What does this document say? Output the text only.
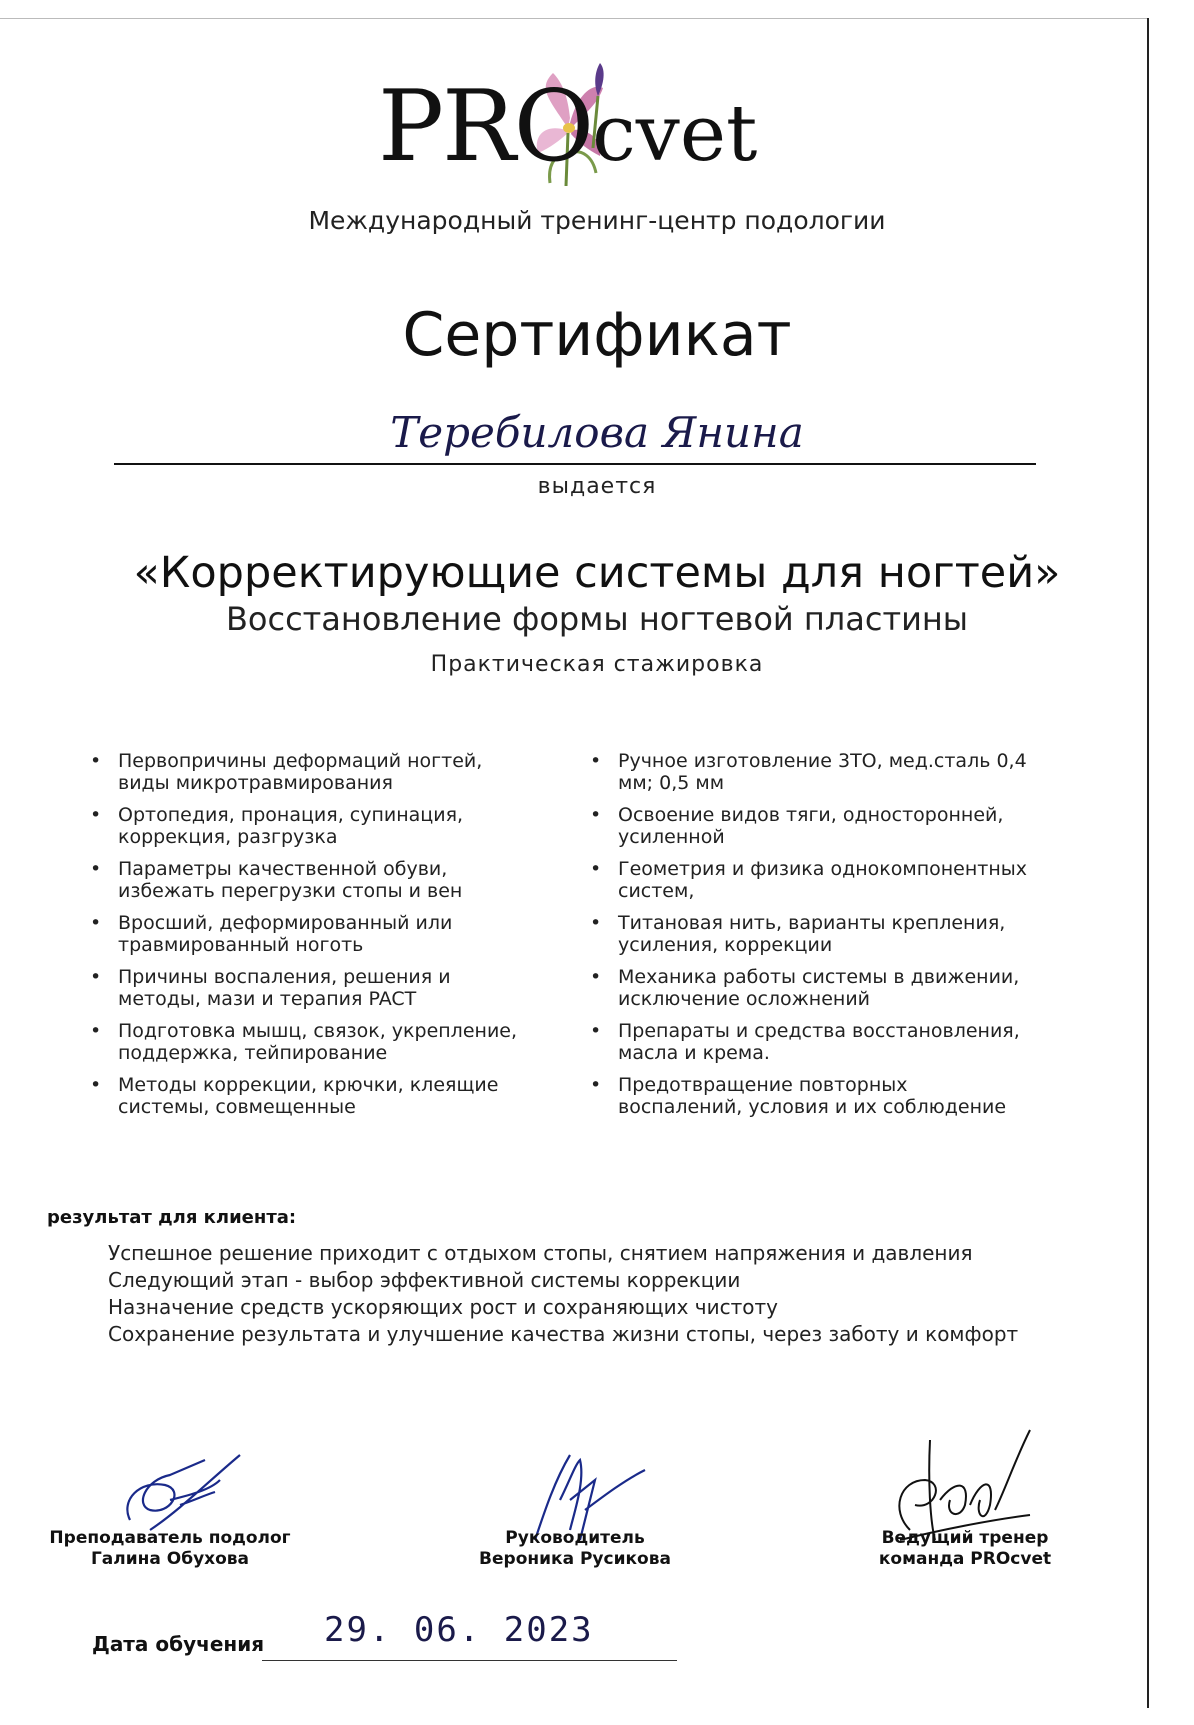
PROcvet
Международный тренинг-центр подологии
Сертификат
Теребилова Янина
выдается
«Корректирующие системы для ногтей»
Восстановление формы ногтевой пластины
Практическая стажировка
• Первопричины деформаций ногтей,
виды микротравмирования
• Ортопедия, пронация, супинация,
коррекция, разгрузка
• Параметры качественной обуви,
избежать перегрузки стопы и вен
• Вросший, деформированный или
травмированный ноготь
• Причины воспаления, решения и
методы, мази и терапия PACT
• Подготовка мышц, связок, укрепление,
поддержка, тейпирование
• Методы коррекции, крючки, клеящие
системы, совмещенные
• Ручное изготовление 3ТО, мед.сталь 0,4
мм; 0,5 мм
• Освоение видов тяги, односторонней,
усиленной
• Геометрия и физика однокомпонентных
систем,
• Титановая нить, варианты крепления,
усиления, коррекции
• Механика работы системы в движении,
исключение осложнений
• Препараты и средства восстановления,
масла и крема.
• Предотвращение повторных
воспалений, условия и их соблюдение
результат для клиента:
Успешное решение приходит с отдыхом стопы, снятием напряжения и давления
Следующий этап - выбор эффективной системы коррекции
Назначение средств ускоряющих рост и сохраняющих чистоту
Сохранение результата и улучшение качества жизни стопы, через заботу и комфорт
Преподаватель подолог
Галина Обухова
Руководитель
Вероника Русикова
Ведущий тренер
команда PROcvet
Дата обучения 29. 06. 2023
